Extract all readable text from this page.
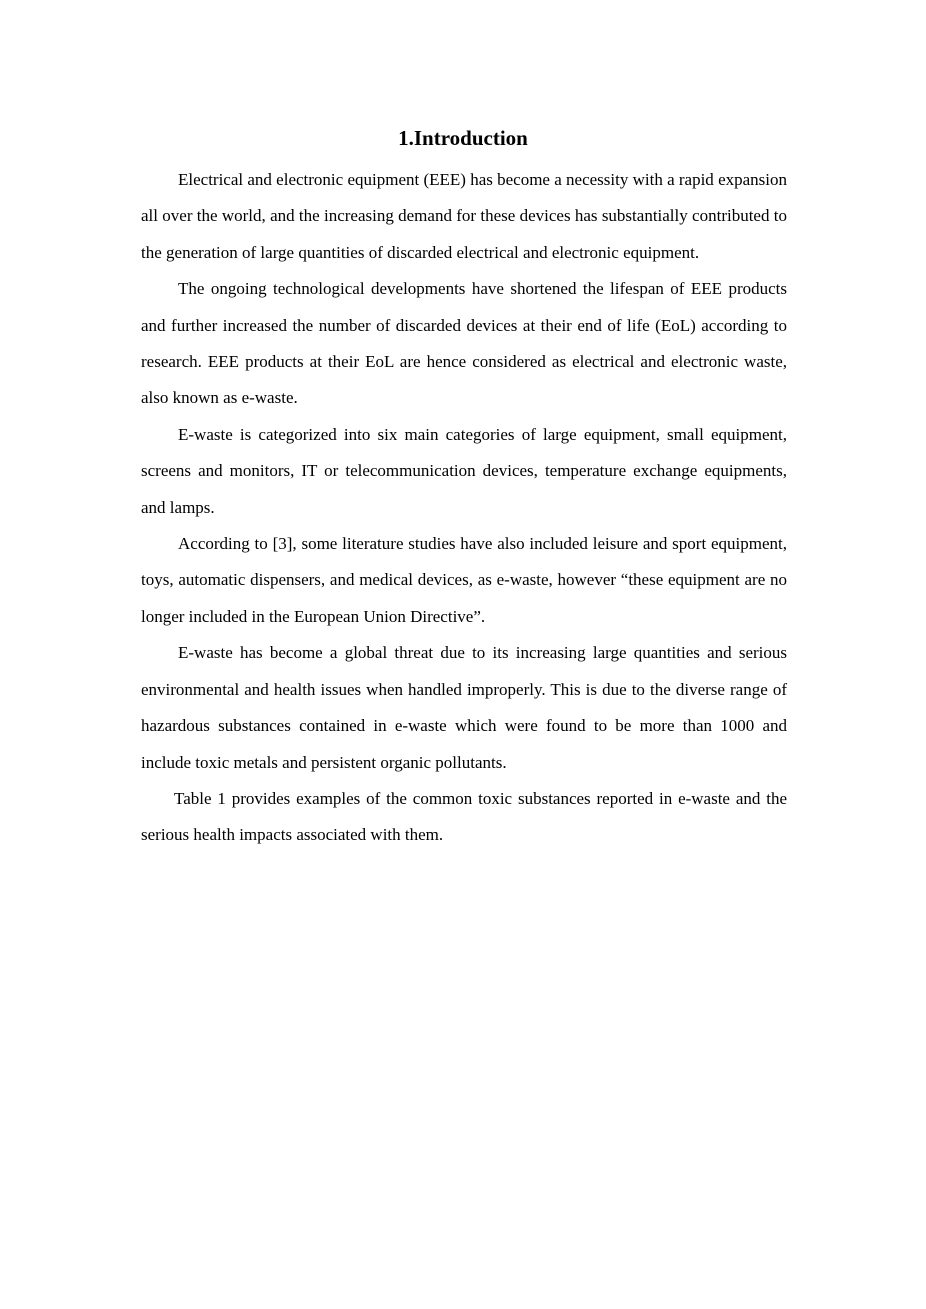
1.Introduction

Electrical and electronic equipment (EEE) has become a necessity with a rapid expansion all over the world, and the increasing demand for these devices has substantially contributed to the generation of large quantities of discarded electrical and electronic equipment.

The ongoing technological developments have shortened the lifespan of EEE products and further increased the number of discarded devices at their end of life (EoL) according to research. EEE products at their EoL are hence considered as electrical and electronic waste, also known as e-waste.

E-waste is categorized into six main categories of large equipment, small equipment, screens and monitors, IT or telecommunication devices, temperature exchange equipments, and lamps.

According to [3], some literature studies have also included leisure and sport equipment, toys, automatic dispensers, and medical devices, as e-waste, however “these equipment are no longer included in the European Union Directive”.

E-waste has become a global threat due to its increasing large quantities and serious environmental and health issues when handled improperly. This is due to the diverse range of hazardous substances contained in e-waste which were found to be more than 1000 and include toxic metals and persistent organic pollutants.

Table 1 provides examples of the common toxic substances reported in e-waste and the serious health impacts associated with them.
